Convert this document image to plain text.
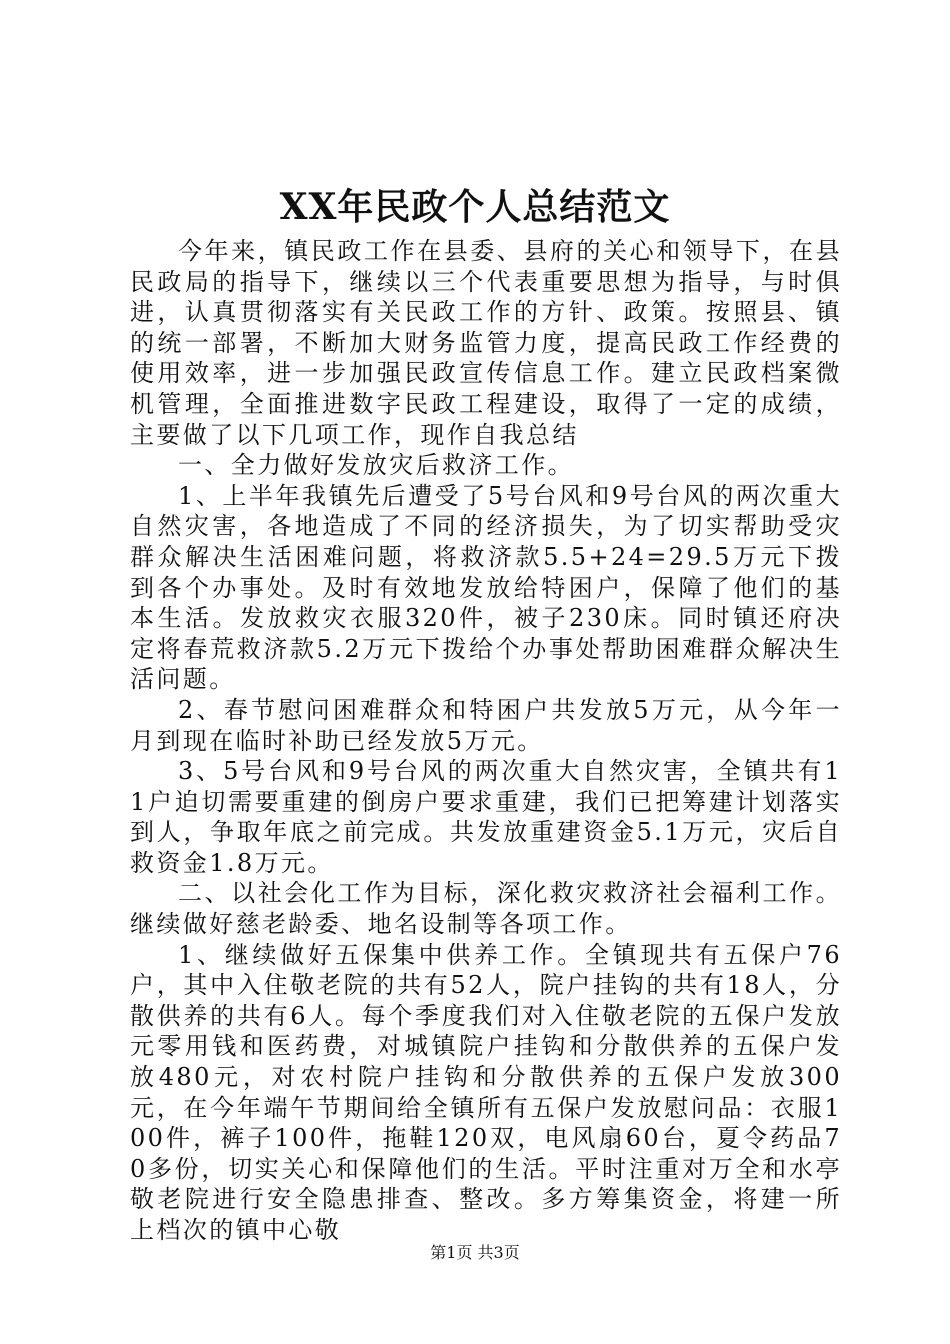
XX年民政个人总结范文

今年来，镇民政工作在县委、县府的关心和领导下，在县民政局的指导下，继续以三个代表重要思想为指导，与时俱进，认真贯彻落实有关民政工作的方针、政策。按照县、镇的统一部署，不断加大财务监管力度，提高民政工作经费的使用效率，进一步加强民政宣传信息工作。建立民政档案微机管理，全面推进数字民政工程建设，取得了一定的成绩，主要做了以下几项工作，现作自我总结

一、全力做好发放灾后救济工作。

1、上半年我镇先后遭受了5号台风和9号台风的两次重大自然灾害，各地造成了不同的经济损失，为了切实帮助受灾群众解决生活困难问题，将救济款5.5+24=29.5万元下拨到各个办事处。及时有效地发放给特困户，保障了他们的基本生活。发放救灾衣服320件，被子230床。同时镇还府决定将春荒救济款5.2万元下拨给个办事处帮助困难群众解决生活问题。

2、春节慰问困难群众和特困户共发放5万元，从今年一月到现在临时补助已经发放5万元。

3、5号台风和9号台风的两次重大自然灾害，全镇共有11户迫切需要重建的倒房户要求重建，我们已把筹建计划落实到人，争取年底之前完成。共发放重建资金5.1万元，灾后自救资金1.8万元。

二、以社会化工作为目标，深化救灾救济社会福利工作。继续做好慈老龄委、地名设制等各项工作。

1、继续做好五保集中供养工作。全镇现共有五保户76户，其中入住敬老院的共有52人，院户挂钩的共有18人，分散供养的共有6人。每个季度我们对入住敬老院的五保户发放元零用钱和医药费，对城镇院户挂钩和分散供养的五保户发放480元，对农村院户挂钩和分散供养的五保户发放300元，在今年端午节期间给全镇所有五保户发放慰问品：衣服100件，裤子100件，拖鞋120双，电风扇60台，夏令药品70多份，切实关心和保障他们的生活。平时注重对万全和水亭敬老院进行安全隐患排查、整改。多方筹集资金，将建一所上档次的镇中心敬

第1页 共3页
